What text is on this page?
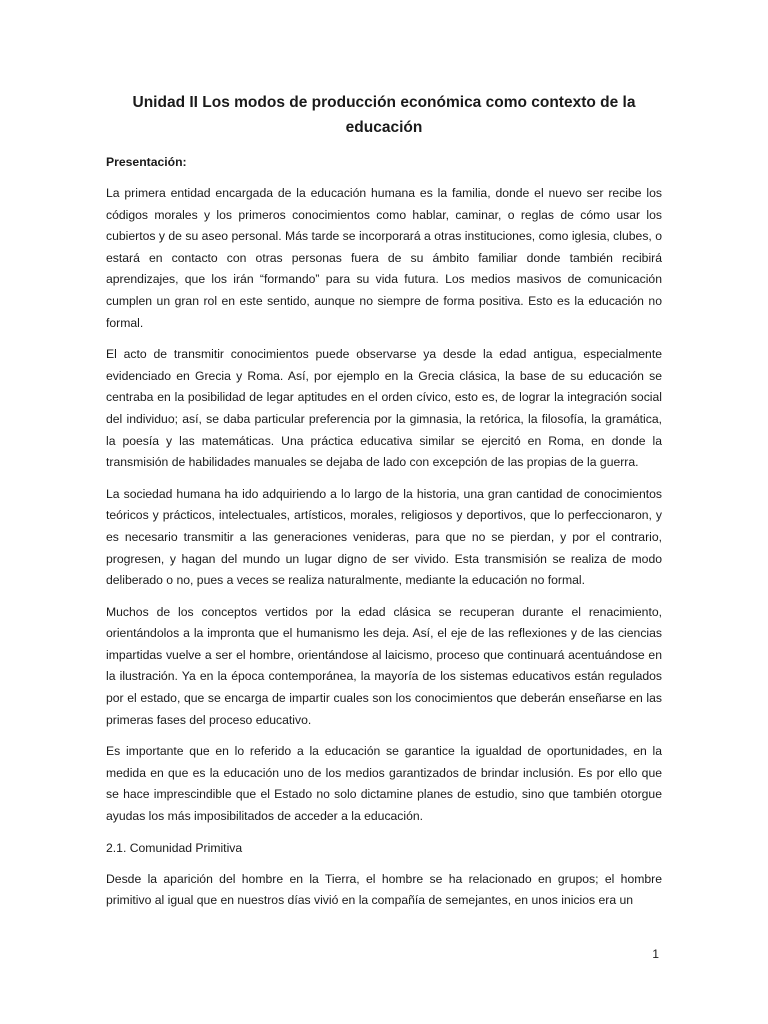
Unidad II Los modos de producción económica como contexto de la educación
Presentación:

La primera entidad encargada de la educación humana es la familia, donde el nuevo ser recibe los códigos morales y los primeros conocimientos como hablar, caminar, o reglas de cómo usar los cubiertos y de su aseo personal. Más tarde se incorporará a otras instituciones, como iglesia, clubes, o estará en contacto con otras personas fuera de su ámbito familiar donde también recibirá aprendizajes, que los irán “formando” para su vida futura. Los medios masivos de comunicación cumplen un gran rol en este sentido, aunque no siempre de forma positiva. Esto es la educación no formal.

El acto de transmitir conocimientos puede observarse ya desde la edad antigua, especialmente evidenciado en Grecia y Roma. Así, por ejemplo en la Grecia clásica, la base de su educación se centraba en la posibilidad de legar aptitudes en el orden cívico, esto es, de lograr la integración social del individuo; así, se daba particular preferencia por la gimnasia, la retórica, la filosofía, la gramática, la poesía y las matemáticas. Una práctica educativa similar se ejercitó en Roma, en donde la transmisión de habilidades manuales se dejaba de lado con excepción de las propias de la guerra.

La sociedad humana ha ido adquiriendo a lo largo de la historia, una gran cantidad de conocimientos teóricos y prácticos, intelectuales, artísticos, morales, religiosos y deportivos, que lo perfeccionaron, y es necesario transmitir a las generaciones venideras, para que no se pierdan, y por el contrario, progresen, y hagan del mundo un lugar digno de ser vivido. Esta transmisión se realiza de modo deliberado o no, pues a veces se realiza naturalmente, mediante la educación no formal.

Muchos de los conceptos vertidos por la edad clásica se recuperan durante el renacimiento, orientándolos a la impronta que el humanismo les deja. Así, el eje de las reflexiones y de las ciencias impartidas vuelve a ser el hombre, orientándose al laicismo, proceso que continuará acentuándose en la ilustración. Ya en la época contemporánea, la mayoría de los sistemas educativos están regulados por el estado, que se encarga de impartir cuales son los conocimientos que deberán enseñarse en las primeras fases del proceso educativo.

Es importante que en lo referido a la educación se garantice la igualdad de oportunidades, en la medida en que es la educación uno de los medios garantizados de brindar inclusión. Es por ello que se hace imprescindible que el Estado no solo dictamine planes de estudio, sino que también otorgue ayudas los más imposibilitados de acceder a la educación.

2.1. Comunidad Primitiva

Desde la aparición del hombre en la Tierra, el hombre se ha relacionado en grupos; el hombre primitivo al igual que en nuestros días vivió en la compañía de semejantes, en unos inicios era un

1
